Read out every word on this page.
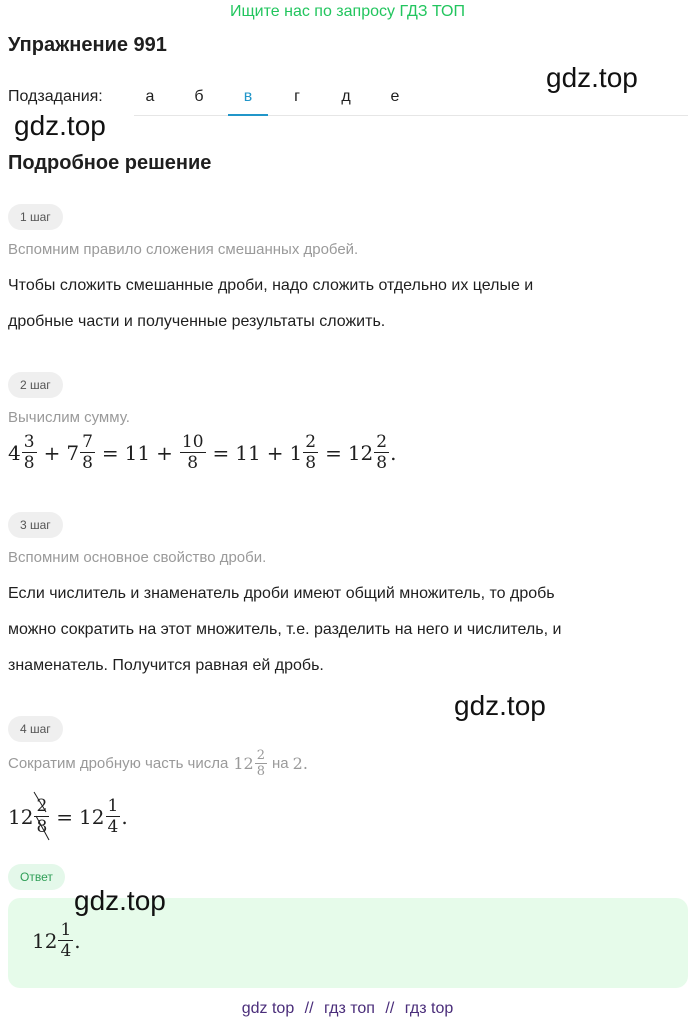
Ищите нас по запросу ГДЗ ТОП
Упражнение 991
gdz.top
Подзадания:	а	б	в	г	д	е
gdz.top
Подробное решение
1 шаг
Вспомним правило сложения смешанных дробей.
Чтобы сложить смешанные дроби, надо сложить отдельно их целые и
дробные части и полученные результаты сложить.
2 шаг
Вычислим сумму.
$4 \frac{3}{8} + 7 \frac{7}{8} = 11 + \frac{10}{8} = 11 + 1 \frac{2}{8} = 12 \frac{2}{8}$ .
3 шаг
Вспомним основное свойство дроби.
Если числитель и знаменатель дроби имеют общий множитель, то дробь
можно сократить на этот множитель, т.е. разделить на него и числитель, и
знаменатель. Получится равная ей дробь.
gdz.top
4 шаг
Сократим дробную часть числа $12 \frac{2}{8}$ на 2 .
$12 \frac{2}{8} = 12 \frac{1}{4}$ .
Ответ
$12 \frac{1}{4}$ .
gdz.top
gdz top // гдз топ // гдз top
